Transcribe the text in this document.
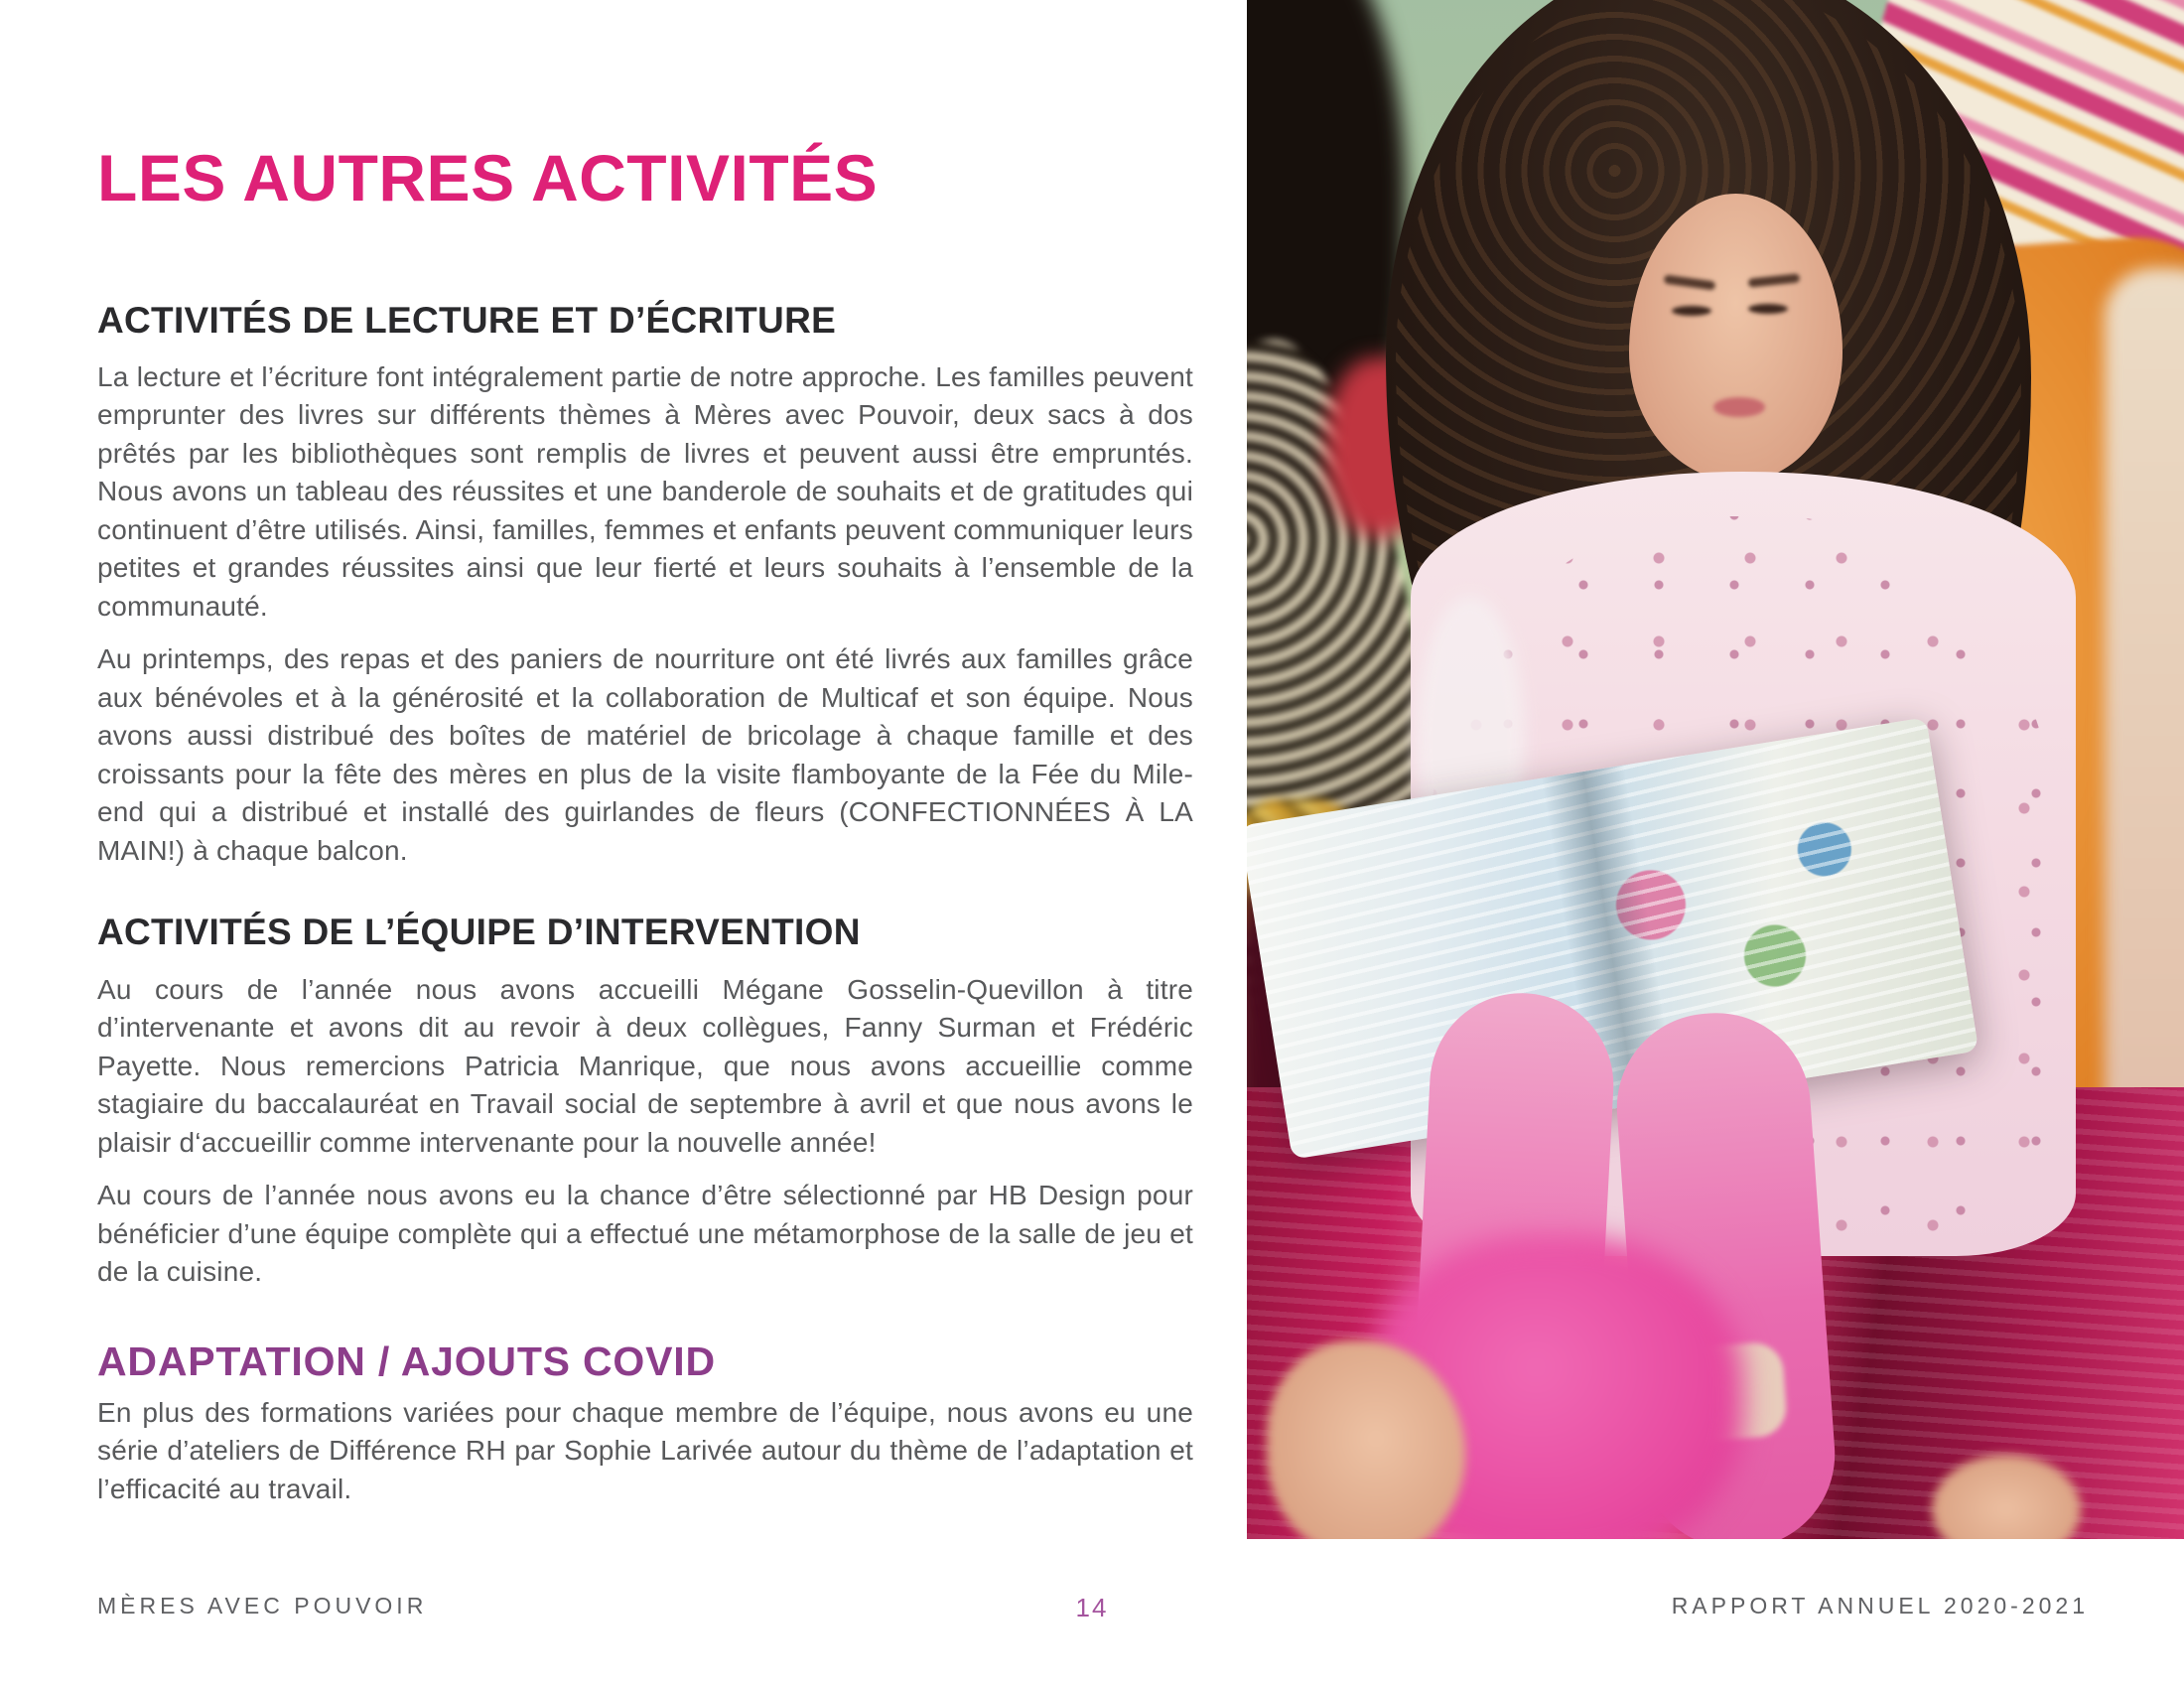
LES AUTRES ACTIVITÉS
ACTIVITÉS DE LECTURE ET D’ÉCRITURE

La lecture et l’écriture font intégralement partie de notre approche. Les familles peuvent emprunter des livres sur différents thèmes à Mères avec Pouvoir, deux sacs à dos prêtés par les bibliothèques sont remplis de livres et peuvent aussi être empruntés. Nous avons un tableau des réussites et une banderole de souhaits et de gratitudes qui continuent d’être utilisés. Ainsi, familles, femmes et enfants peuvent communiquer leurs petites et grandes réussites ainsi que leur fierté et leurs souhaits à l’ensemble de la communauté.

Au printemps, des repas et des paniers de nourriture ont été livrés aux familles grâce aux bénévoles et à la générosité et la collaboration de Multicaf et son équipe. Nous avons aussi distribué des boîtes de matériel de bricolage à chaque famille et des croissants pour la fête des mères en plus de la visite flamboyante de la Fée du Mile-end qui a distribué et installé des guirlandes de fleurs (CONFECTIONNÉES À LA MAIN!) à chaque balcon.

ACTIVITÉS DE L’ÉQUIPE D’INTERVENTION

Au cours de l’année nous avons accueilli Mégane Gosselin-Quevillon à titre d’intervenante et avons dit au revoir à deux collègues, Fanny Surman et Frédéric Payette. Nous remercions Patricia Manrique, que nous avons accueillie comme stagiaire du baccalauréat en Travail social de septembre à avril et que nous avons le plaisir d‘accueillir comme intervenante pour la nouvelle année!

Au cours de l’année nous avons eu la chance d’être sélectionné par HB Design pour bénéficier d’une équipe complète qui a effectué une métamorphose de la salle de jeu et de la cuisine.

ADAPTATION / AJOUTS COVID

En plus des formations variées pour chaque membre de l’équipe, nous avons eu une série d’ateliers de Différence RH par Sophie Larivée autour du thème de l’adaptation et l’efficacité au travail.

MÈRES AVEC POUVOIR	14	RAPPORT ANNUEL 2020-2021
